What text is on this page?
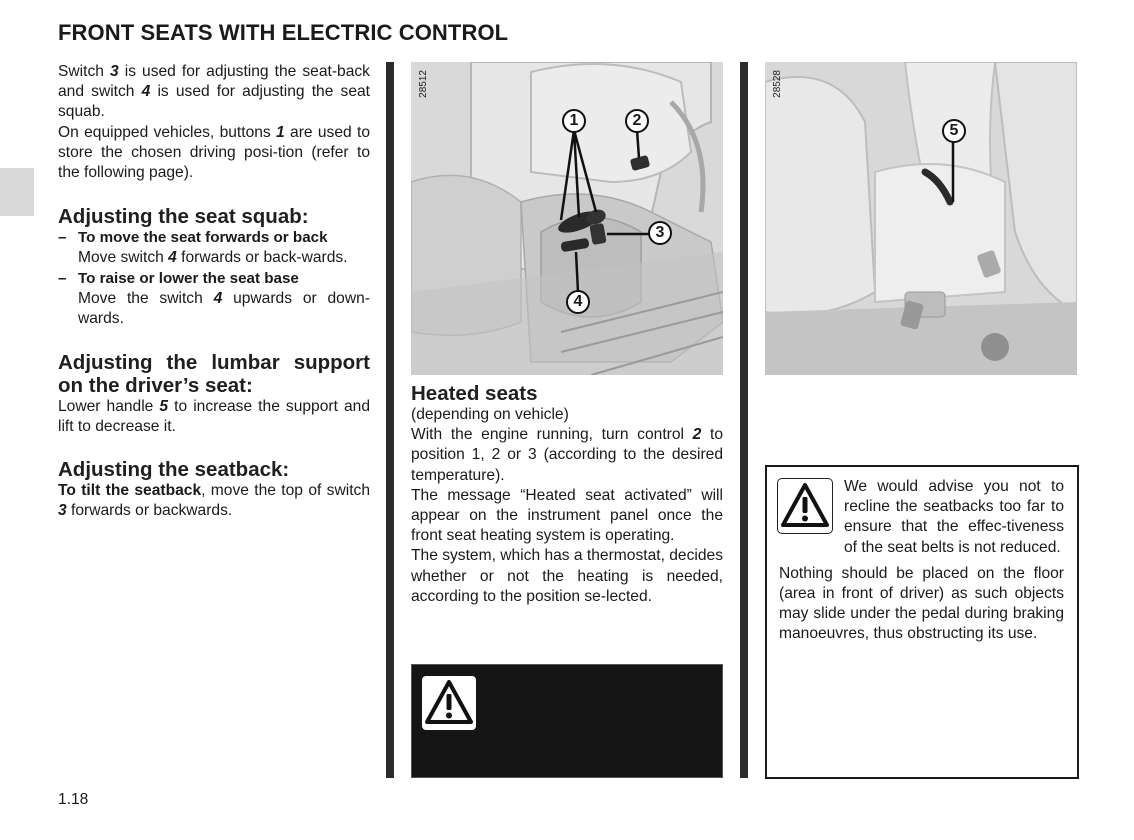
FRONT SEATS WITH ELECTRIC CONTROL

Switch 3 is used for adjusting the seat-back and switch 4 is used for adjusting the seat squab.

On equipped vehicles, buttons 1 are used to store the chosen driving posi-tion (refer to the following page).

Adjusting the seat squab:

– To move the seat forwards or back

Move switch 4 forwards or back-wards.

– To raise or lower the seat base

Move the switch 4 upwards or down-wards.

Adjusting the lumbar support on the driver’s seat:

Lower handle 5 to increase the support and lift to decrease it.

Adjusting the seatback:

To tilt the seatback, move the top of switch 3 forwards or backwards.

28512
1	2
3
4
28528
5

Heated seats

(depending on vehicle)

With the engine running, turn control 2 to position 1, 2 or 3 (according to the desired temperature).

The message “Heated seat activated” will appear on the instrument panel once the front seat heating system is operating.

The system, which has a thermostat, decides whether or not the heating is needed, according to the position se-lected.

We would advise you not to recline the seatbacks too far to ensure that the effec-tiveness of the seat belts is not reduced.

Nothing should be placed on the floor (area in front of driver) as such objects may slide under the pedal during braking manoeuvres, thus obstructing its use.

1.18
